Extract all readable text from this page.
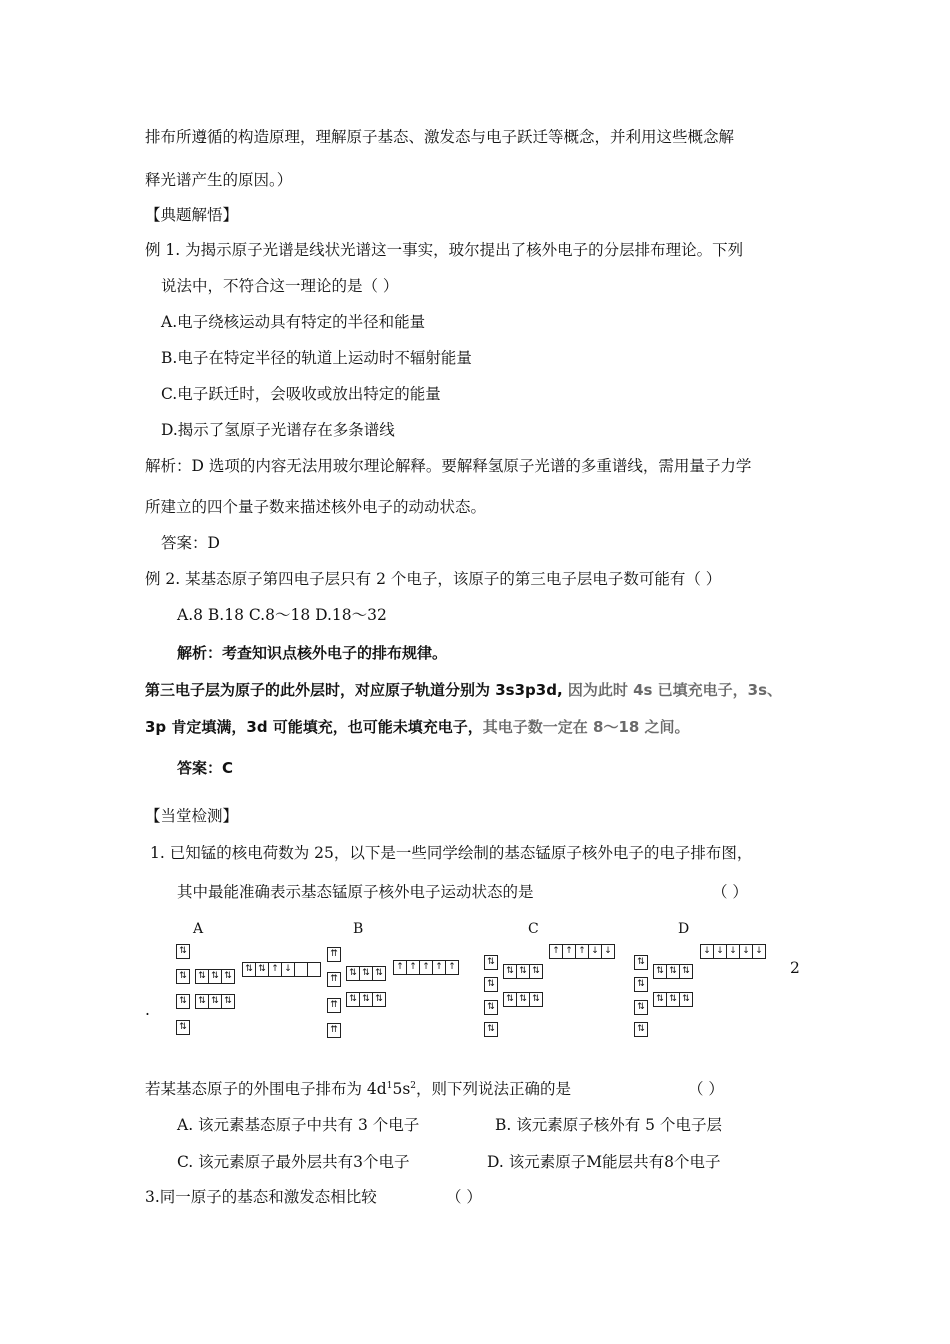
排布所遵循的构造原理，理解原子基态、激发态与电子跃迁等概念，并利用这些概念解
释光谱产生的原因。）
【典题解悟】
例 1. 为揭示原子光谱是线状光谱这一事实，玻尔提出了核外电子的分层排布理论。下列
说法中，不符合这一理论的是（ ）
A.电子绕核运动具有特定的半径和能量
B.电子在特定半径的轨道上运动时不辐射能量
C.电子跃迁时，会吸收或放出特定的能量
D.揭示了氢原子光谱存在多条谱线
解析：D 选项的内容无法用玻尔理论解释。要解释氢原子光谱的多重谱线，需用量子力学
所建立的四个量子数来描述核外电子的动动状态。
答案：D
例 2. 某基态原子第四电子层只有 2 个电子，该原子的第三电子层电子数可能有（ ）
A.8 B.18 C.8～18 D.18～32
解析：考查知识点核外电子的排布规律。
第三电子层为原子的此外层时，对应原子轨道分别为 3s3p3d, 因为此时 4s 已填充电子，3s、
3p 肯定填满，3d 可能填充，也可能未填充电子，其电子数一定在 8～18 之间。
答案：C
【当堂检测】
1. 已知锰的核电荷数为 25，以下是一些同学绘制的基态锰原子核外电子的电子排布图，
其中最能准确表示基态锰原子核外电子运动状态的是	（ ）
A	B	C	D
2
.
⇅
⇅	⇅ ⇅ ⇅
⇅ ⇅ ↑ ↓
⇅	⇅ ⇅ ⇅
⇅
⇈
⇈
⇅ ⇅ ⇅
↑ ↑ ↑ ↑ ↑
⇈
⇅ ⇅ ⇅
⇈
↑ ↑ ↑ ↓ ↓
⇅
⇅ ⇅ ⇅
⇅
⇅
⇅ ⇅ ⇅
⇅
↓ ↓ ↓ ↓ ↓
⇅
⇅ ⇅ ⇅
⇅
⇅
⇅ ⇅ ⇅
⇅
若某基态原子的外围电子排布为 $4d^15s^2$，则下列说法正确的是	（ ）
A. 该元素基态原子中共有 3 个电子	B. 该元素原子核外有 5 个电子层
C. 该元素原子最外层共有3个电子	D. 该元素原子M能层共有8个电子
3.同一原子的基态和激发态相比较	（ ）
